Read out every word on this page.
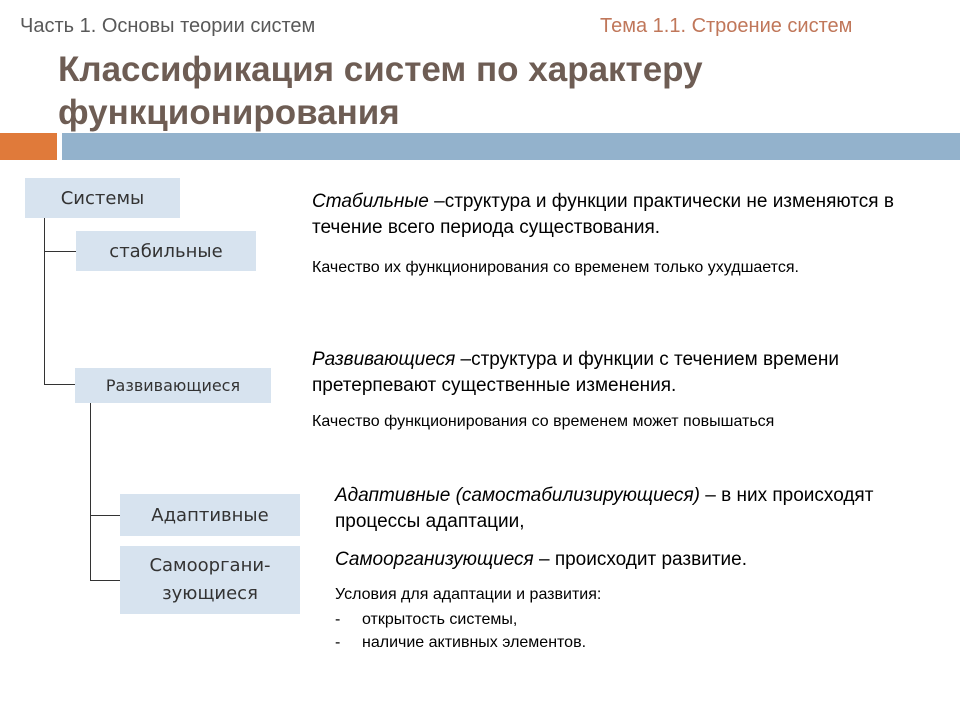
Часть 1. Основы теории систем	Тема 1.1. Строение систем
Классификация систем по характеру функционирования
Системы
стабильные
Развивающиеся
Адаптивные
Самооргани-
зующиеся
Стабильные –структура и функции практически не изменяются в течение всего периода существования.
Качество их функционирования со временем только ухудшается.
Развивающиеся –структура и функции с течением времени претерпевают существенные изменения.
Качество функционирования со временем может повышаться
Адаптивные (самостабилизирующиеся) – в них происходят процессы адаптации,
Самоорганизующиеся – происходит развитие.
Условия для адаптации и развития:
- открытость системы,
- наличие активных элементов.
